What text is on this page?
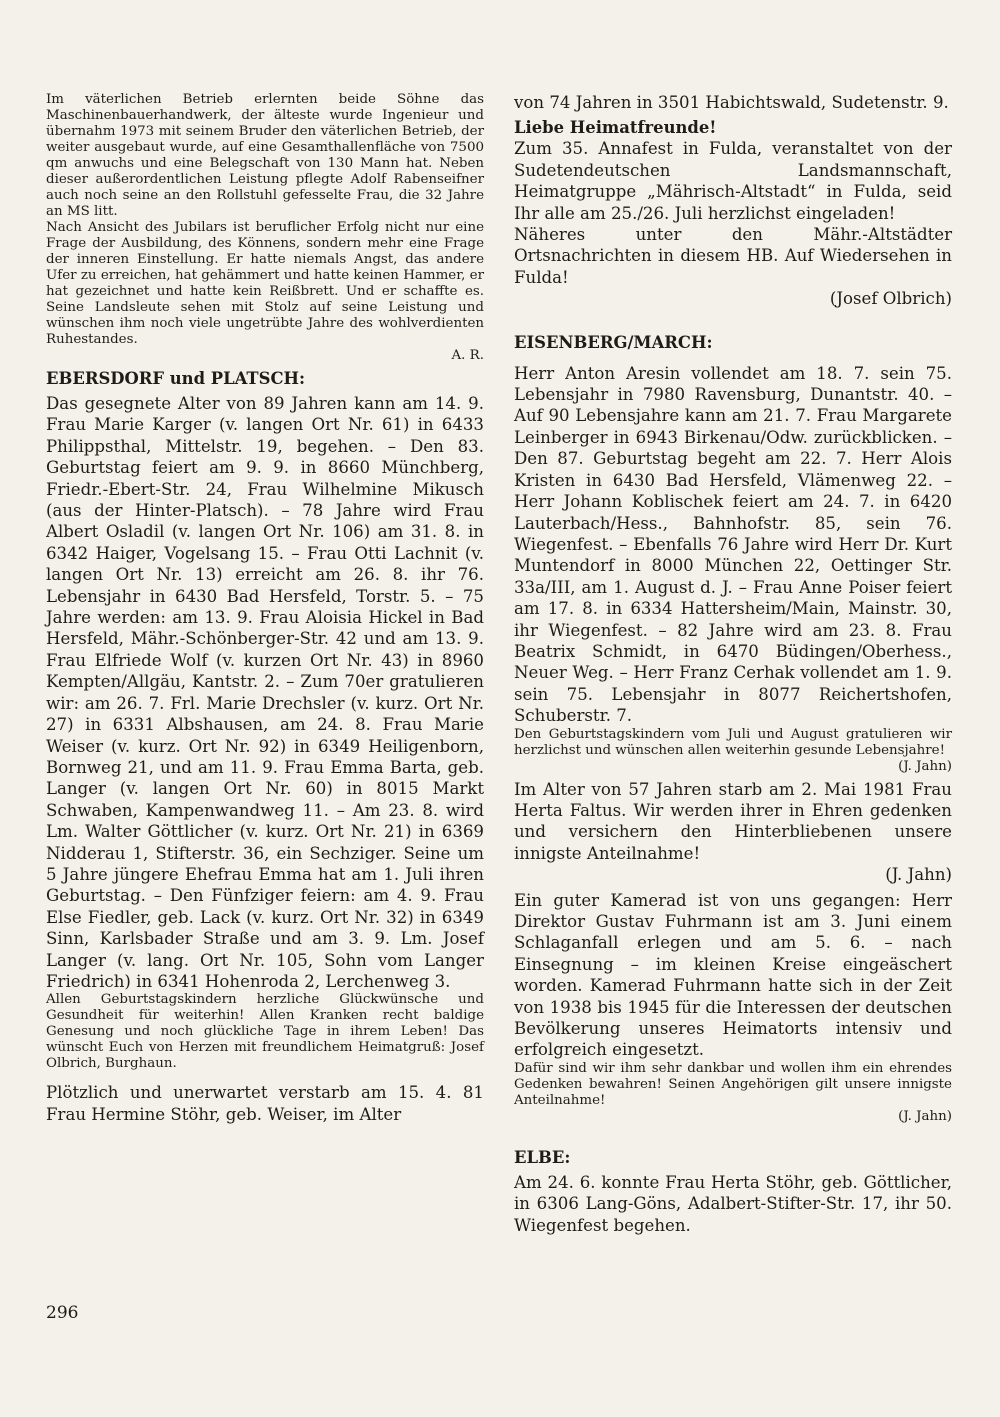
Im väterlichen Betrieb erlernten beide Söhne das Maschinenbauerhandwerk, der älteste wurde Ingenieur und übernahm 1973 mit seinem Bruder den väterlichen Betrieb, der weiter ausgebaut wurde, auf eine Gesamthallenfläche von 7500 qm anwuchs und eine Belegschaft von 130 Mann hat. Neben dieser außerordentlichen Leistung pflegte Adolf Rabenseifner auch noch seine an den Rollstuhl gefesselte Frau, die 32 Jahre an MS litt.

Nach Ansicht des Jubilars ist beruflicher Erfolg nicht nur eine Frage der Ausbildung, des Könnens, sondern mehr eine Frage der inneren Einstellung. Er hatte niemals Angst, das andere Ufer zu erreichen, hat gehämmert und hatte keinen Hammer, er hat gezeichnet und hatte kein Reißbrett. Und er schaffte es. Seine Landsleute sehen mit Stolz auf seine Leistung und wünschen ihm noch viele ungetrübte Jahre des wohlverdienten Ruhestandes.

A. R.

EBERSDORF und PLATSCH:

Das gesegnete Alter von 89 Jahren kann am 14. 9. Frau Marie Karger (v. langen Ort Nr. 61) in 6433 Philippsthal, Mittelstr. 19, begehen. – Den 83. Geburtstag feiert am 9. 9. in 8660 Münchberg, Friedr.-Ebert-Str. 24, Frau Wilhelmine Mikusch (aus der Hinter-Platsch). – 78 Jahre wird Frau Albert Osladil (v. langen Ort Nr. 106) am 31. 8. in 6342 Haiger, Vogelsang 15. – Frau Otti Lachnit (v. langen Ort Nr. 13) erreicht am 26. 8. ihr 76. Lebensjahr in 6430 Bad Hersfeld, Torstr. 5. – 75 Jahre werden: am 13. 9. Frau Aloisia Hickel in Bad Hersfeld, Mähr.-Schönberger-Str. 42 und am 13. 9. Frau Elfriede Wolf (v. kurzen Ort Nr. 43) in 8960 Kempten/Allgäu, Kantstr. 2. – Zum 70er gratulieren wir: am 26. 7. Frl. Marie Drechsler (v. kurz. Ort Nr. 27) in 6331 Albshausen, am 24. 8. Frau Marie Weiser (v. kurz. Ort Nr. 92) in 6349 Heiligenborn, Bornweg 21, und am 11. 9. Frau Emma Barta, geb. Langer (v. langen Ort Nr. 60) in 8015 Markt Schwaben, Kampenwandweg 11. – Am 23. 8. wird Lm. Walter Göttlicher (v. kurz. Ort Nr. 21) in 6369 Nidderau 1, Stifterstr. 36, ein Sechziger. Seine um 5 Jahre jüngere Ehefrau Emma hat am 1. Juli ihren Geburtstag. – Den Fünfziger feiern: am 4. 9. Frau Else Fiedler, geb. Lack (v. kurz. Ort Nr. 32) in 6349 Sinn, Karlsbader Straße und am 3. 9. Lm. Josef Langer (v. lang. Ort Nr. 105, Sohn vom Langer Friedrich) in 6341 Hohenroda 2, Lerchenweg 3.

Allen Geburtstagskindern herzliche Glückwünsche und Gesundheit für weiterhin! Allen Kranken recht baldige Genesung und noch glückliche Tage in ihrem Leben! Das wünscht Euch von Herzen mit freundlichem Heimatgruß: Josef Olbrich, Burghaun.

Plötzlich und unerwartet verstarb am 15. 4. 81 Frau Hermine Stöhr, geb. Weiser, im Alter

von 74 Jahren in 3501 Habichtswald, Sudetenstr. 9.

Liebe Heimatfreunde!

Zum 35. Annafest in Fulda, veranstaltet von der Sudetendeutschen Landsmannschaft, Heimatgruppe „Mährisch-Altstadt“ in Fulda, seid Ihr alle am 25./26. Juli herzlichst eingeladen!

Näheres unter den Mähr.-Altstädter Ortsnachrichten in diesem HB. Auf Wiedersehen in Fulda!

(Josef Olbrich)

EISENBERG/MARCH:

Herr Anton Aresin vollendet am 18. 7. sein 75. Lebensjahr in 7980 Ravensburg, Dunantstr. 40. – Auf 90 Lebensjahre kann am 21. 7. Frau Margarete Leinberger in 6943 Birkenau/Odw. zurückblicken. – Den 87. Geburtstag begeht am 22. 7. Herr Alois Kristen in 6430 Bad Hersfeld, Vlämenweg 22. – Herr Johann Koblischek feiert am 24. 7. in 6420 Lauterbach/Hess., Bahnhofstr. 85, sein 76. Wiegenfest. – Ebenfalls 76 Jahre wird Herr Dr. Kurt Muntendorf in 8000 München 22, Oettinger Str. 33a/III, am 1. August d. J. – Frau Anne Poiser feiert am 17. 8. in 6334 Hattersheim/Main, Mainstr. 30, ihr Wiegenfest. – 82 Jahre wird am 23. 8. Frau Beatrix Schmidt, in 6470 Büdingen/Oberhess., Neuer Weg. – Herr Franz Cerhak vollendet am 1. 9. sein 75. Lebensjahr in 8077 Reichertshofen, Schuberstr. 7.

Den Geburtstagskindern vom Juli und August gratulieren wir herzlichst und wünschen allen weiterhin gesunde Lebensjahre!

(J. Jahn)

Im Alter von 57 Jahren starb am 2. Mai 1981 Frau Herta Faltus. Wir werden ihrer in Ehren gedenken und versichern den Hinterbliebenen unsere innigste Anteilnahme!

(J. Jahn)

Ein guter Kamerad ist von uns gegangen: Herr Direktor Gustav Fuhrmann ist am 3. Juni einem Schlaganfall erlegen und am 5. 6. – nach Einsegnung – im kleinen Kreise eingeäschert worden. Kamerad Fuhrmann hatte sich in der Zeit von 1938 bis 1945 für die Interessen der deutschen Bevölkerung unseres Heimatorts intensiv und erfolgreich eingesetzt.

Dafür sind wir ihm sehr dankbar und wollen ihm ein ehrendes Gedenken bewahren! Seinen Angehörigen gilt unsere innigste Anteilnahme!

(J. Jahn)

ELBE:

Am 24. 6. konnte Frau Herta Stöhr, geb. Göttlicher, in 6306 Lang-Göns, Adalbert-Stifter-Str. 17, ihr 50. Wiegenfest begehen.

296
